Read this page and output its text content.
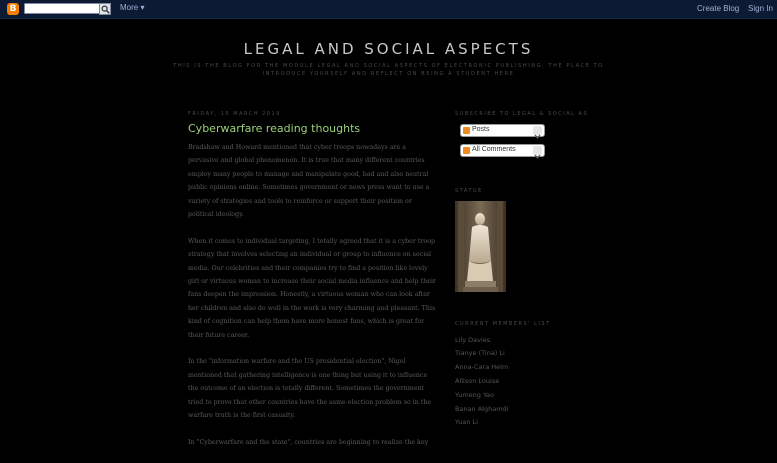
B	More ▾	Create Blog Sign In
LEGAL AND SOCIAL ASPECTS
THIS IS THE BLOG FOR THE MODULE LEGAL AND SOCIAL ASPECTS OF ELECTRONIC PUBLISHING. THE PLACE TO INTRODUCE YOURSELF AND REFLECT ON BEING A STUDENT HERE
FRIDAY, 15 MARCH 2019
Cyberwarfare reading thoughts

Bradshaw and Howard mentioned that cyber troops nowadays are a pervasive and global phenomenon. It is true that many different countries employ many people to manage and manipulate good, bad and also neutral public opinions online. Sometimes government or news press want to use a variety of strategies and tools to reinforce or support their position or political ideology.

When it comes to individual targeting, I totally agreed that it is a cyber troop strategy that involves selecting an individual or group to influence on social media. Our celebrities and their companies try to find a position like lovely girl or virtuous woman to increase their social media influence and help their fans deepen the impression. Honestly, a virtuous woman who can look after her children and also do well in the work is very charming and pleasant. This kind of cognition can help them have more honest fans, which is great for their future career.

In the "information warfare and the US presidential election", Nigel mentioned that gathering intelligence is one thing but using it to influence the outcome of an election is totally different. Sometimes the government tried to prove that other countries have the same election problem so in the warfare truth is the first casualty.

In "Cyberwarfare and the state", countries are beginning to realize the key

SUBSCRIBE TO LEGAL & SOCIAL AS
Posts
All Comments
STATUE
CURRENT MEMBERS' LIST
Lily Davies
Tianye (Tina) Li
Anna-Cara Helm
Allison Louise
Yumeng Yao
Banan Alghamdi
Yuan Li
